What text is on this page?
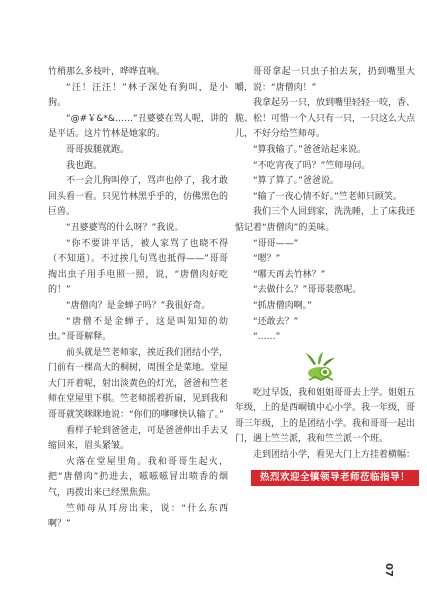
竹梢那么多枝叶，哗哗直响。

“汪！汪汪！”林子深处有狗叫，是小狗。

“@#￥&*&……”丑婆婆在骂人呢，讲的是平话。这片竹林是她家的。

哥哥拔腿就跑。

我也跑。

不一会儿狗叫停了，骂声也停了，我才敢回头看一看。只见竹林黑乎乎的，仿佛黑色的巨兽。

“丑婆婆骂的什么呀？”我说。

“你不要讲平话，被人家骂了也晓不得（不知道）。不过挨几句骂也抵得——”哥哥掏出虫子用手电照一照，说，“唐僧肉好吃的！”

“唐僧肉？是金蝉子吗？”我很好奇。

“唐僧不是金蝉子，这是叫知知的幼虫。”哥哥解释。

前头就是竺老师家，挨近我们团结小学，门前有一棵高大的桐树，周围全是菜地。堂屋大门开着呢，射出淡黄色的灯光，爸爸和竺老师在堂屋里下棋。竺老师摇着折扇，见到我和哥哥就笑眯眯地说：“你们的嗲嗲快认输了。”

看样子轮到爸爸走，可是爸爸伸出手去又缩回来，眉头紧皱。

火落在堂屋里角。我和哥哥生起火，把“唐僧肉”扔进去，嗞嗞嗞冒出喷香的烟气，再拨出来已经黑焦焦。

竺师母从耳房出来，说：“什么东西啊？”

哥哥拿起一只虫子拍去灰，扔到嘴里大嚼，说：“唐僧肉！”

我拿起另一只，放到嘴里轻轻一咬，香、脆、松！可惜一个人只有一只，一只这么大点儿，不好分给竺师母。

“算我输了。”爸爸站起来说。

“不吃宵夜了吗？”竺师母问。

“算了算了。”爸爸说。

“输了一夜心情不好。”竺老师只顾笑。

我们三个人回到家，洗洗睡，上了床我还惦记着“唐僧肉”的美味。

“哥哥——”

“嗯？”

“哪天再去竹林？”

“去做什么？”哥哥装憨呢。

“抓唐僧肉啊。”

“还敢去？”

“……”

吃过早饭，我和姐姐哥哥去上学。姐姐五年级，上的是西峒镇中心小学。我一年级，哥哥三年级，上的是团结小学。我和哥哥一起出门，遇上竺兰派，我和竺兰派一个班。

走到团结小学，看见大门上方挂着横幅：

热烈欢迎全镇领导老师莅临指导！
07
